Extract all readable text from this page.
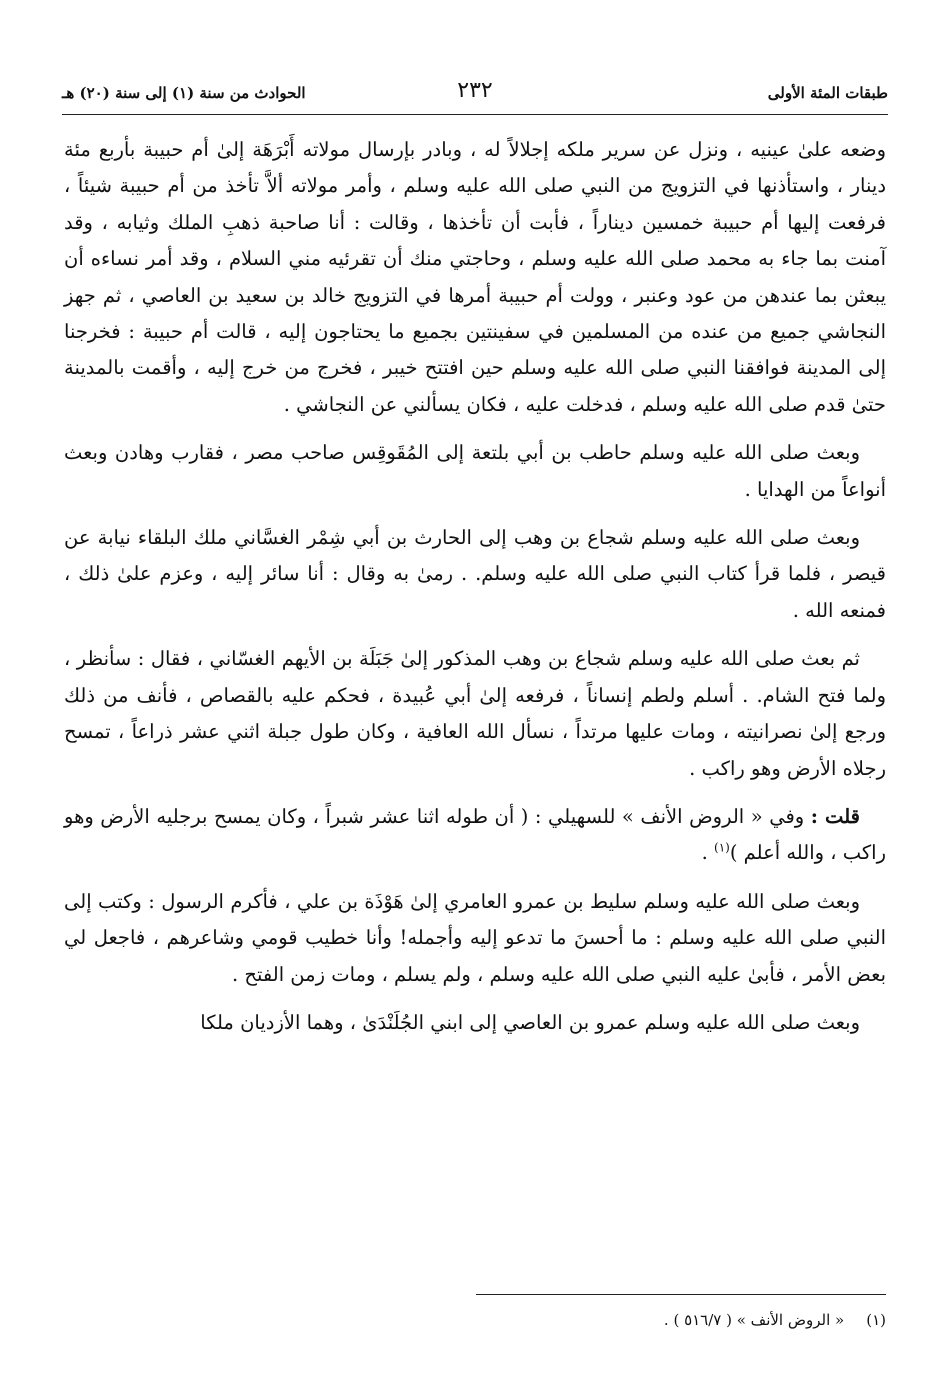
طبقات المئة الأولى
٢٣٢
الحوادث من سنة (١) إلى سنة (٢٠) هـ

وضعه علىٰ عينيه ، ونزل عن سرير ملكه إجلالاً له ، وبادر بإرسال مولاته أَبْرَهَة إلىٰ أم حبيبة بأربع مئة دينار ، واستأذنها في التزويج من النبي صلى الله عليه وسلم ، وأمر مولاته ألاَّ تأخذ من أم حبيبة شيئاً ، فرفعت إليها أم حبيبة خمسين ديناراً ، فأبت أن تأخذها ، وقالت : أنا صاحبة ذهبِ الملك وثيابه ، وقد آمنت بما جاء به محمد صلى الله عليه وسلم ، وحاجتي منك أن تقرئيه مني السلام ، وقد أمر نساءه أن يبعثن بما عندهن من عود وعنبر ، وولت أم حبيبة أمرها في التزويج خالد بن سعيد بن العاصي ، ثم جهز النجاشي جميع من عنده من المسلمين في سفينتين بجميع ما يحتاجون إليه ، قالت أم حبيبة : فخرجنا إلى المدينة فوافقنا النبي صلى الله عليه وسلم حين افتتح خيبر ، فخرج من خرج إليه ، وأقمت بالمدينة حتىٰ قدم صلى الله عليه وسلم ، فدخلت عليه ، فكان يسألني عن النجاشي .

وبعث صلى الله عليه وسلم حاطب بن أبي بلتعة إلى المُقَوقِس صاحب مصر ، فقارب وهادن وبعث أنواعاً من الهدايا .

وبعث صلى الله عليه وسلم شجاع بن وهب إلى الحارث بن أبي شِمْر الغسَّاني ملك البلقاء نيابة عن قيصر ، فلما قرأ كتاب النبي صلى الله عليه وسلم. . رمىٰ به وقال : أنا سائر إليه ، وعزم علىٰ ذلك ، فمنعه الله .

ثم بعث صلى الله عليه وسلم شجاع بن وهب المذكور إلىٰ جَبَلَة بن الأيهم الغسّاني ، فقال : سأنظر ، ولما فتح الشام. . أسلم ولطم إنساناً ، فرفعه إلىٰ أبي عُبيدة ، فحكم عليه بالقصاص ، فأنف من ذلك ورجع إلىٰ نصرانيته ، ومات عليها مرتداً ، نسأل الله العافية ، وكان طول جبلة اثني عشر ذراعاً ، تمسح رجلاه الأرض وهو راكب .

قلت : وفي « الروض الأنف » للسهيلي : ( أن طوله اثنا عشر شبراً ، وكان يمسح برجليه الأرض وهو راكب ، والله أعلم )$^{(١)}$ .

وبعث صلى الله عليه وسلم سليط بن عمرو العامري إلىٰ هَوْذَة بن علي ، فأكرم الرسول : وكتب إلى النبي صلى الله عليه وسلم : ما أحسنَ ما تدعو إليه وأجمله! وأنا خطيب قومي وشاعرهم ، فاجعل لي بعض الأمر ، فأبىٰ عليه النبي صلى الله عليه وسلم ، ولم يسلم ، ومات زمن الفتح .

وبعث صلى الله عليه وسلم عمرو بن العاصي إلى ابني الجُلَنْدَىٰ ، وهما الأزديان ملكا

(١)« الروض الأنف » ( ٥١٦/٧ ) .
